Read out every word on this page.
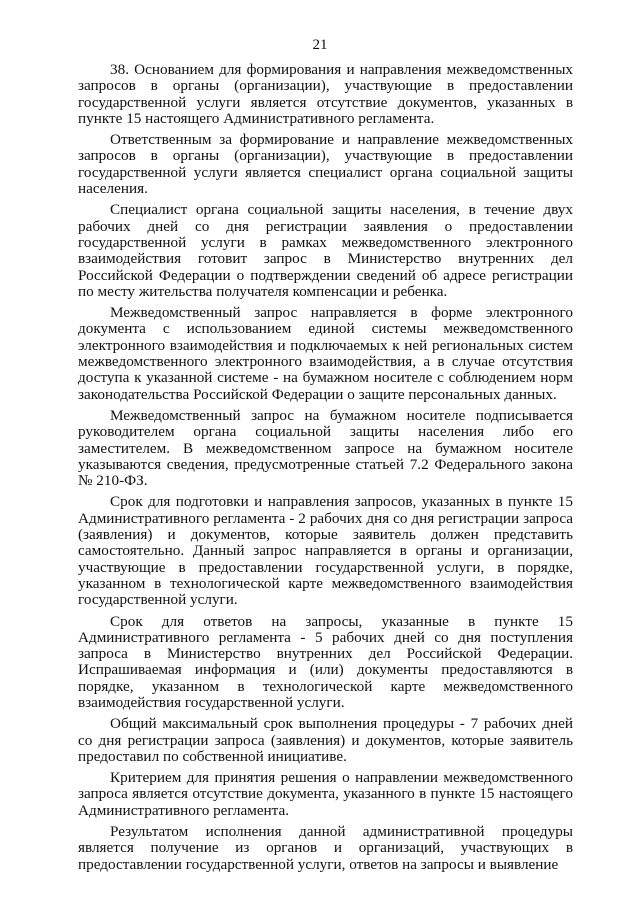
21

38. Основанием для формирования и направления межведомственных запросов в органы (организации), участвующие в предоставлении государственной услуги является отсутствие документов, указанных в пункте 15 настоящего Административного регламента.

Ответственным за формирование и направление межведомственных запросов в органы (организации), участвующие в предоставлении государственной услуги является специалист органа социальной защиты населения.

Специалист органа социальной защиты населения, в течение двух рабочих дней со дня регистрации заявления о предоставлении государственной услуги в рамках межведомственного электронного взаимодействия готовит запрос в Министерство внутренних дел Российской Федерации о подтверждении сведений об адресе регистрации по месту жительства получателя компенсации и ребенка.

Межведомственный запрос направляется в форме электронного документа с использованием единой системы межведомственного электронного взаимодействия и подключаемых к ней региональных систем межведомственного электронного взаимодействия, а в случае отсутствия доступа к указанной системе - на бумажном носителе с соблюдением норм законодательства Российской Федерации о защите персональных данных.

Межведомственный запрос на бумажном носителе подписывается руководителем органа социальной защиты населения либо его заместителем. В межведомственном запросе на бумажном носителе указываются сведения, предусмотренные статьей 7.2 Федерального закона № 210-ФЗ.

Срок для подготовки и направления запросов, указанных в пункте 15 Административного регламента - 2 рабочих дня со дня регистрации запроса (заявления) и документов, которые заявитель должен представить самостоятельно. Данный запрос направляется в органы и организации, участвующие в предоставлении государственной услуги, в порядке, указанном в технологической карте межведомственного взаимодействия государственной услуги.

Срок для ответов на запросы, указанные в пункте 15 Административного регламента - 5 рабочих дней со дня поступления запроса в Министерство внутренних дел Российской Федерации. Испрашиваемая информация и (или) документы предоставляются в порядке, указанном в технологической карте межведомственного взаимодействия государственной услуги.

Общий максимальный срок выполнения процедуры - 7 рабочих дней со дня регистрации запроса (заявления) и документов, которые заявитель предоставил по собственной инициативе.

Критерием для принятия решения о направлении межведомственного запроса является отсутствие документа, указанного в пункте 15 настоящего Административного регламента.

Результатом исполнения данной административной процедуры является получение из органов и организаций, участвующих в предоставлении государственной услуги, ответов на запросы и выявление
